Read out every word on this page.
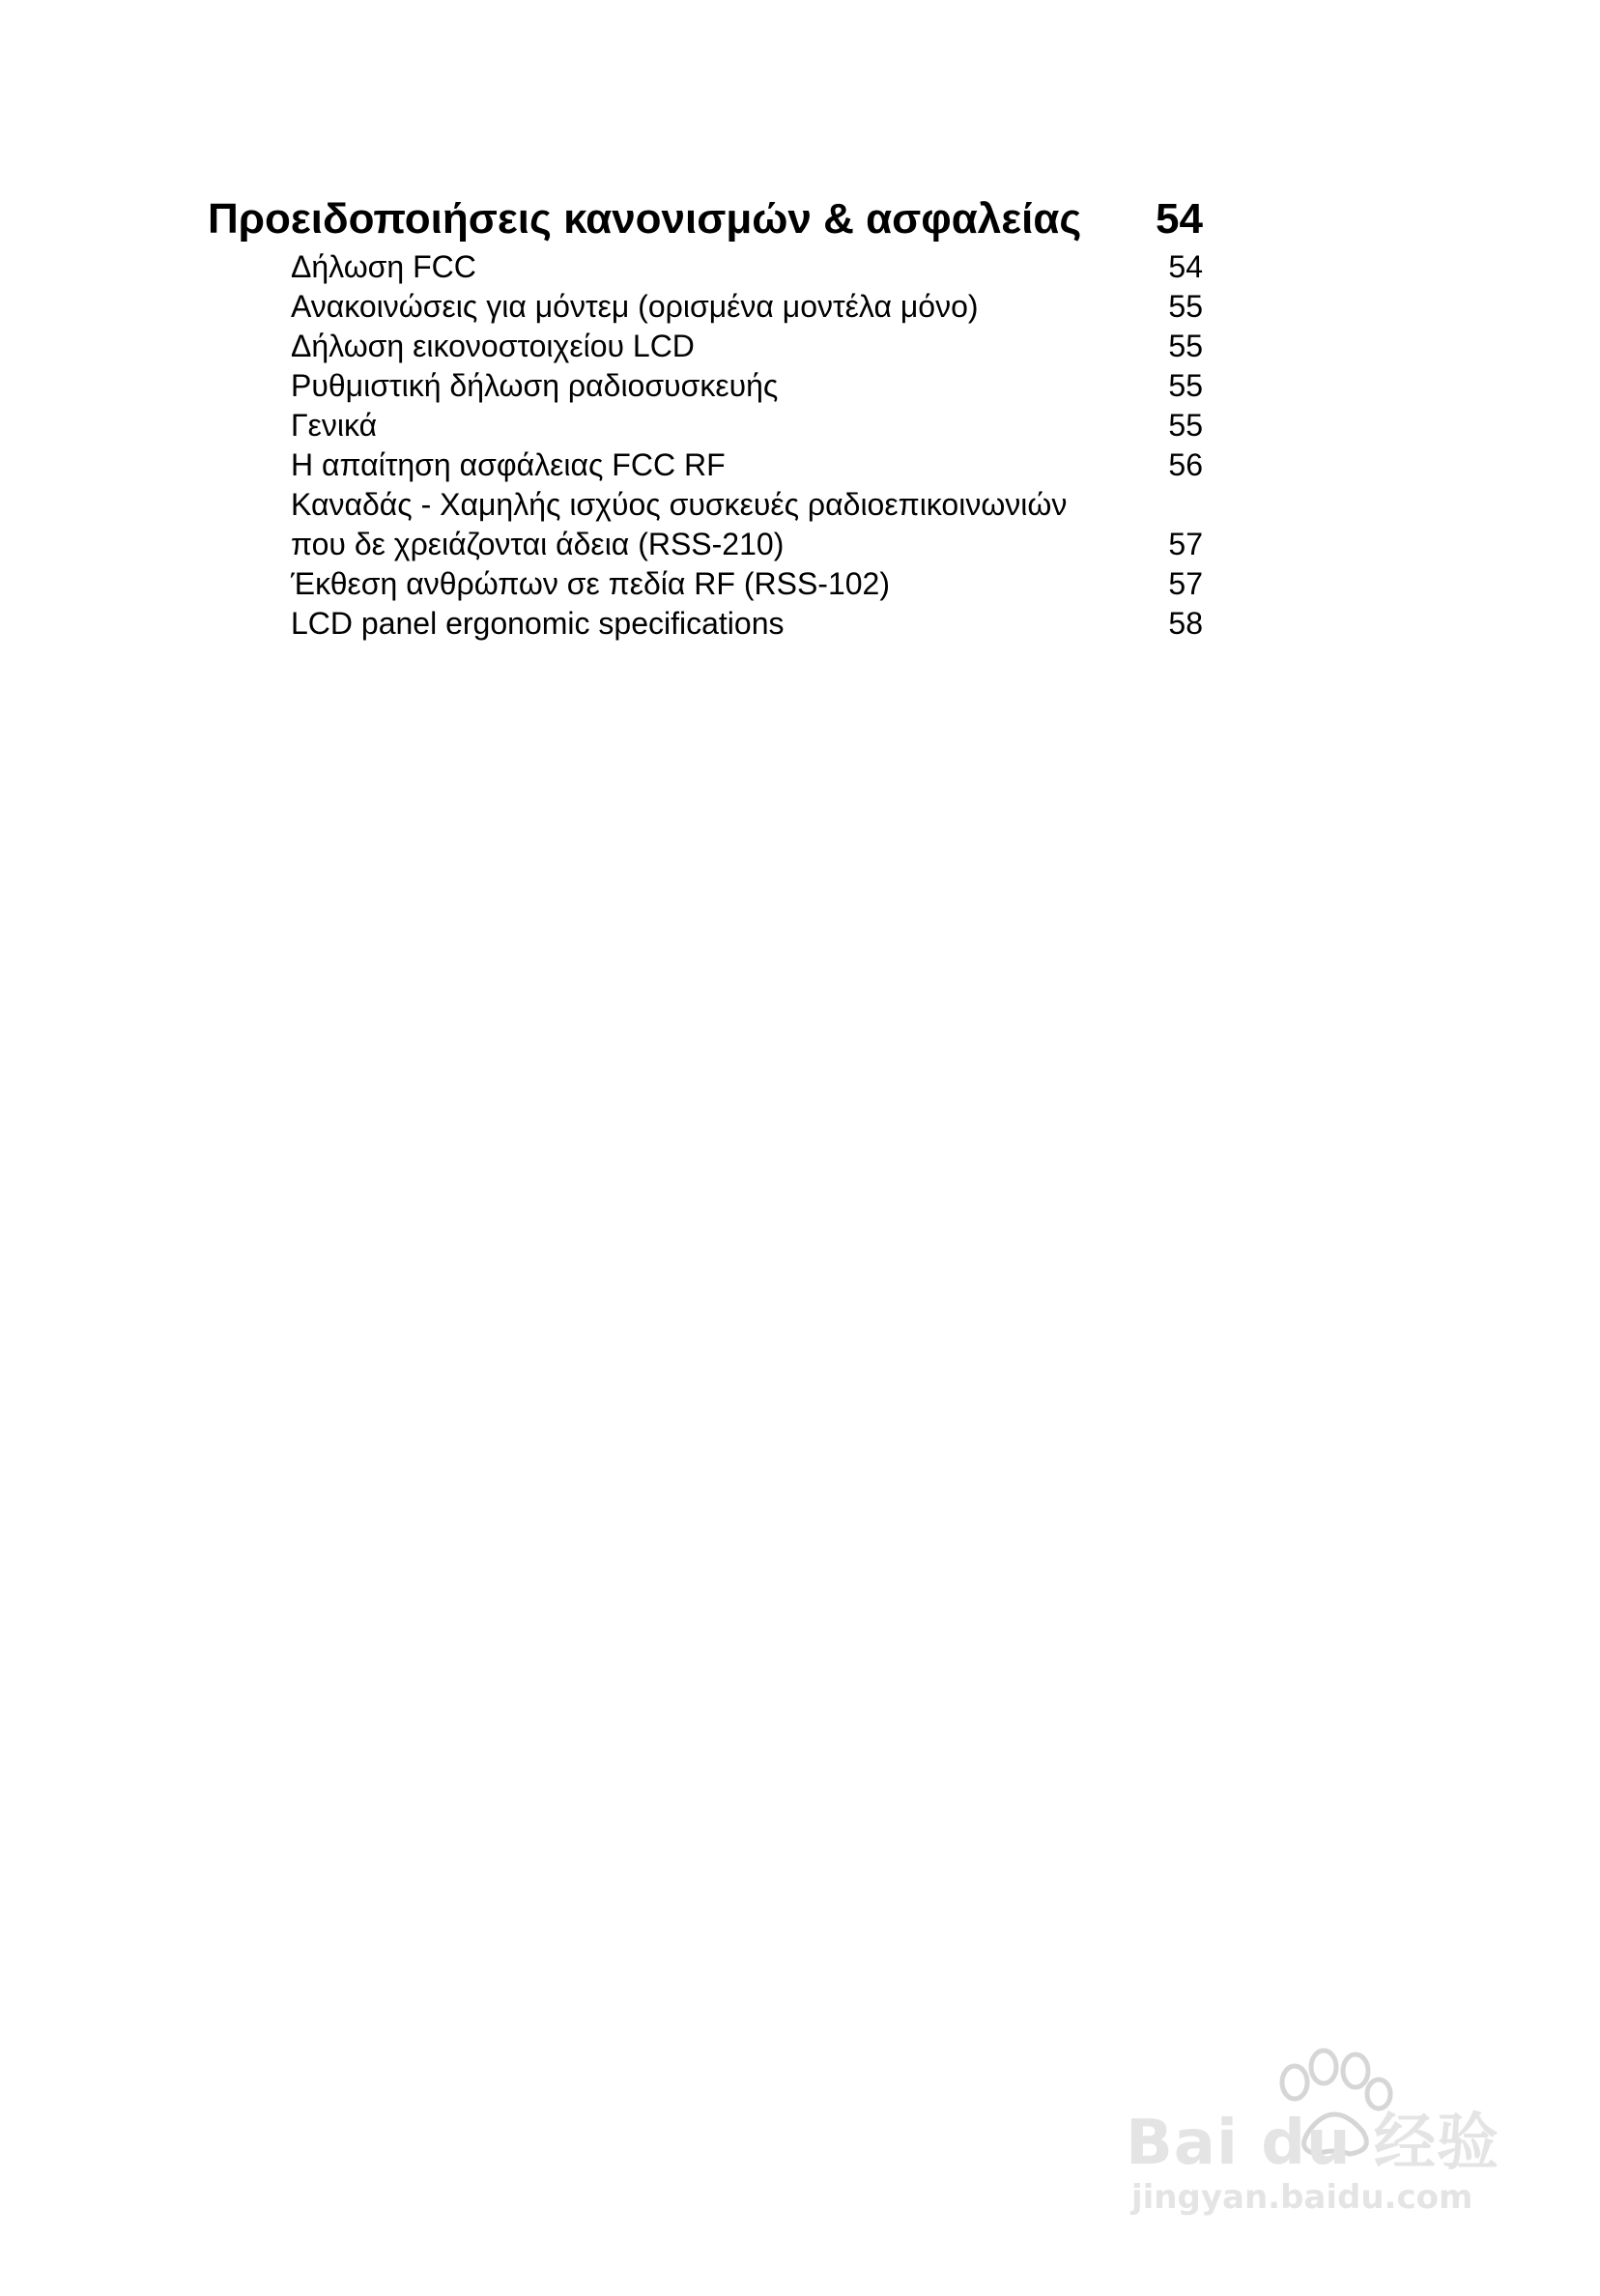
Προειδοποιήσεις κανονισμών & ασφαλείας 54
Δήλωση FCC	54
Ανακοινώσεις για μόντεμ (ορισμένα μοντέλα μόνο)	55
Δήλωση εικονοστοιχείου LCD	55
Ρυθμιστική δήλωση ραδιοσυσκευής	55
Γενικά	55
Η απαίτηση ασφάλειας FCC RF	56
Καναδάς - Χαμηλής ισχύος συσκευές ραδιοεπικοινωνιών που δε χρειάζονται άδεια (RSS-210)	57
Έκθεση ανθρώπων σε πεδία RF (RSS-102)	57
LCD panel ergonomic specifications	58
Bai du 经验
jingyan.baidu.com
